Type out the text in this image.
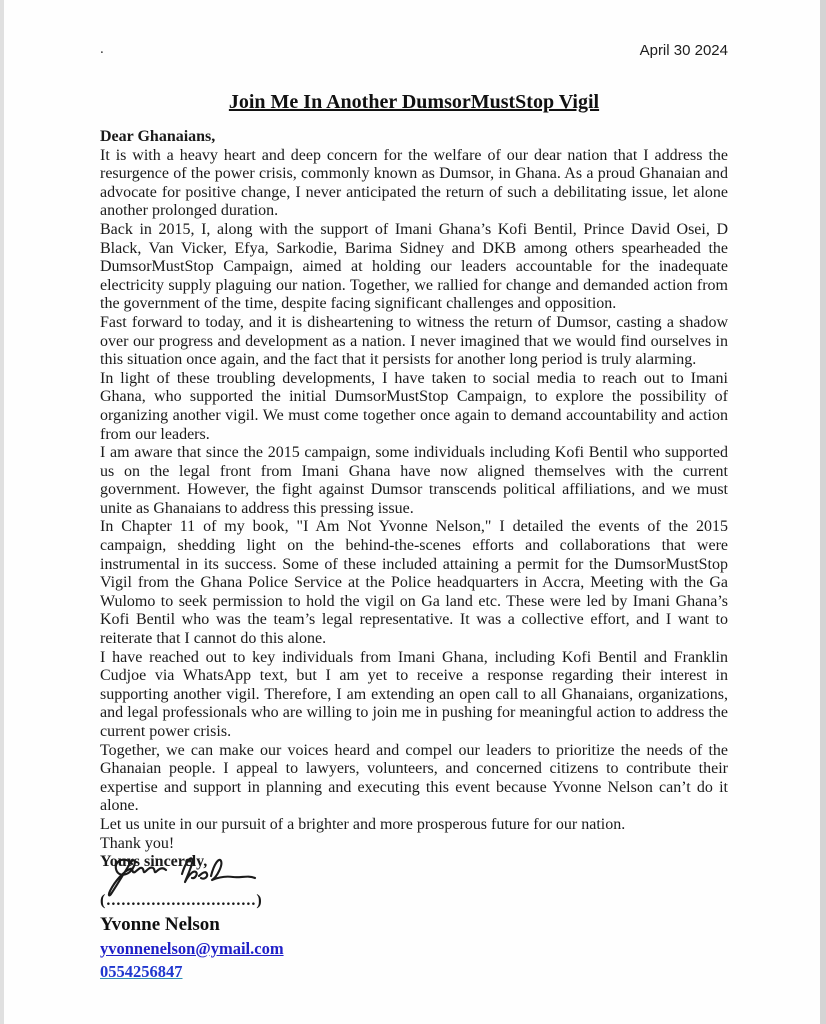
.	April 30 2024
Join Me In Another DumsorMustStop Vigil

Dear Ghanaians,

It is with a heavy heart and deep concern for the welfare of our dear nation that I address the resurgence of the power crisis, commonly known as Dumsor, in Ghana. As a proud Ghanaian and advocate for positive change, I never anticipated the return of such a debilitating issue, let alone another prolonged duration.

Back in 2015, I, along with the support of Imani Ghana’s Kofi Bentil, Prince David Osei, D Black, Van Vicker, Efya, Sarkodie, Barima Sidney and DKB among others spearheaded the DumsorMustStop Campaign, aimed at holding our leaders accountable for the inadequate electricity supply plaguing our nation. Together, we rallied for change and demanded action from the government of the time, despite facing significant challenges and opposition.

Fast forward to today, and it is disheartening to witness the return of Dumsor, casting a shadow over our progress and development as a nation. I never imagined that we would find ourselves in this situation once again, and the fact that it persists for another long period is truly alarming.

In light of these troubling developments, I have taken to social media to reach out to Imani Ghana, who supported the initial DumsorMustStop Campaign, to explore the possibility of organizing another vigil. We must come together once again to demand accountability and action from our leaders.

I am aware that since the 2015 campaign, some individuals including Kofi Bentil who supported us on the legal front from Imani Ghana have now aligned themselves with the current government. However, the fight against Dumsor transcends political affiliations, and we must unite as Ghanaians to address this pressing issue.

In Chapter 11 of my book, "I Am Not Yvonne Nelson," I detailed the events of the 2015 campaign, shedding light on the behind-the-scenes efforts and collaborations that were instrumental in its success. Some of these included attaining a permit for the DumsorMustStop Vigil from the Ghana Police Service at the Police headquarters in Accra, Meeting with the Ga Wulomo to seek permission to hold the vigil on Ga land etc. These were led by Imani Ghana’s Kofi Bentil who was the team’s legal representative. It was a collective effort, and I want to reiterate that I cannot do this alone.

I have reached out to key individuals from Imani Ghana, including Kofi Bentil and Franklin Cudjoe via WhatsApp text, but I am yet to receive a response regarding their interest in supporting another vigil. Therefore, I am extending an open call to all Ghanaians, organizations, and legal professionals who are willing to join me in pushing for meaningful action to address the current power crisis.

Together, we can make our voices heard and compel our leaders to prioritize the needs of the Ghanaian people. I appeal to lawyers, volunteers, and concerned citizens to contribute their expertise and support in planning and executing this event because Yvonne Nelson can’t do it alone.

Let us unite in our pursuit of a brighter and more prosperous future for our nation.

Thank you!

Yours sincerely,

(..............................)

Yvonne Nelson

yvonnenelson@ymail.com

0554256847
